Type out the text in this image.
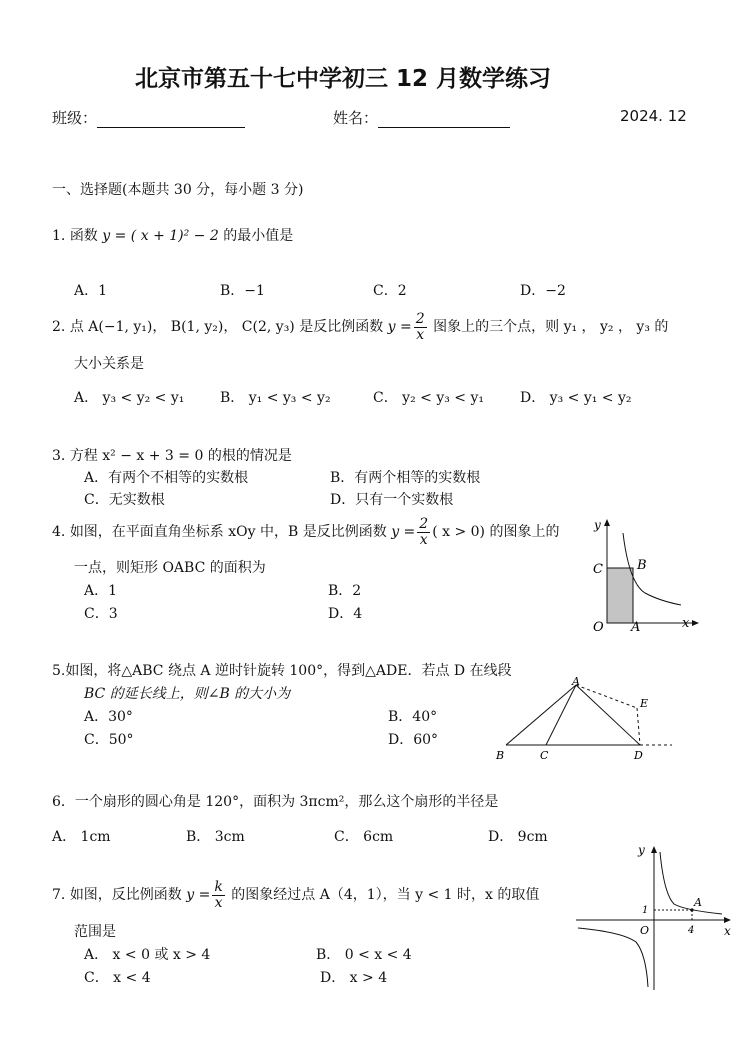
北京市第五十七中学初三 12 月数学练习
班级：	姓名：	2024. 12
一、选择题(本题共 30 分，每小题 3 分)
1. 函数 y = ( x + 1)² − 2 的最小值是
A．1	B．−1	C．2	D．−2
2. 点 A(−1, y₁)， B(1, y₂)， C(2, y₃) 是反比例函数 $y = \frac{2}{x}$ 图象上的三个点，则 y₁ ， y₂ ， y₃ 的
大小关系是
A． y₃ < y₂ < y₁	B． y₁ < y₃ < y₂	C． y₂ < y₃ < y₁	D． y₃ < y₁ < y₂
3. 方程 x² − x + 3 = 0 的根的情况是
A．有两个不相等的实数根	B．有两个相等的实数根
C．无实数根	D．只有一个实数根
4. 如图，在平面直角坐标系 xOy 中，B 是反比例函数 $y = \frac{2}{x}$ ( x > 0) 的图象上的
一点，则矩形 OABC 的面积为
A．1	B．2
C．3	D．4
y
x
C	B
O A
5.如图，将△ABC 绕点 A 逆时针旋转 100°，得到△ADE．若点 D 在线段
BC 的延长线上，则∠B 的大小为
A．30°	B．40°
C．50°	D．60°
A
B	C	D
E
6．一个扇形的圆心角是 120°，面积为 3πcm²，那么这个扇形的半径是
A． 1cm	B． 3cm	C． 6cm	D． 9cm
7. 如图，反比例函数 $y = \frac{k}{x}$ 的图象经过点 A（4，1），当 y < 1 时，x 的取值
范围是
A． x < 0 或 x > 4	B． 0 < x < 4
C． x < 4	D． x > 4
y
x
O
A
1
4
